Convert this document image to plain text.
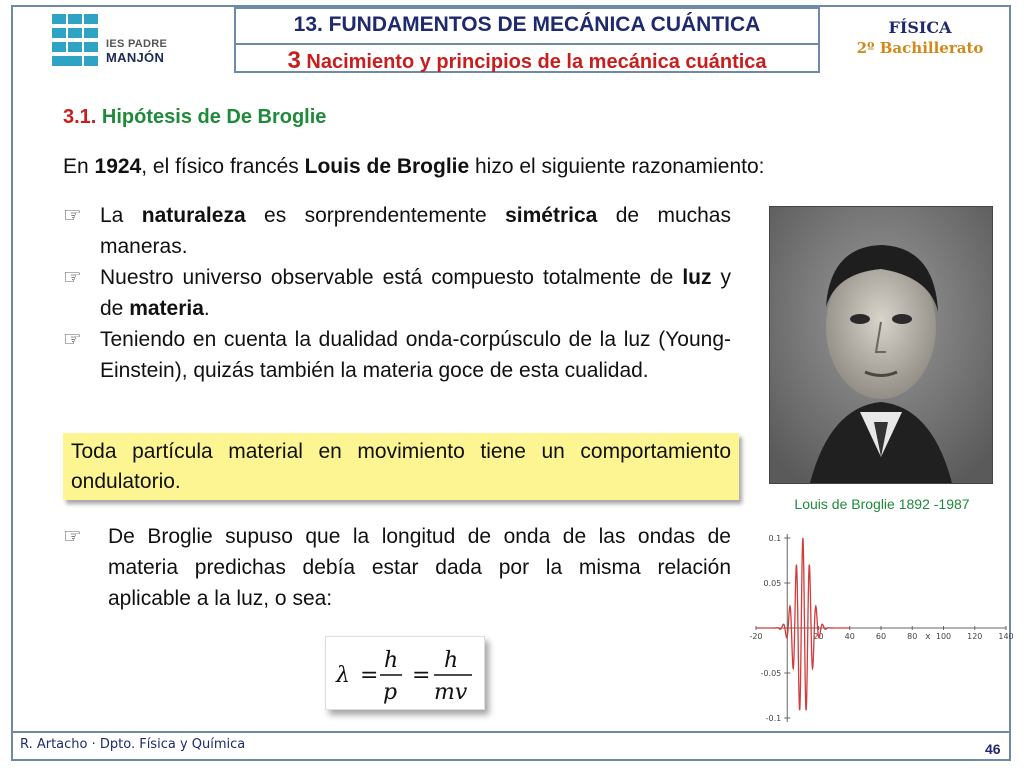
IES PADRE
MANJÓN
13. FUNDAMENTOS DE MECÁNICA CUÁNTICA
3 Nacimiento y principios de la mecánica cuántica
FÍSICA
2º Bachillerato
3.1. Hipótesis de De Broglie
En 1924, el físico francés Louis de Broglie hizo el siguiente razonamiento:
☞ La naturaleza es sorprendentemente simétrica de muchas maneras.
☞ Nuestro universo observable está compuesto totalmente de luz y de materia.
☞ Teniendo en cuenta la dualidad onda-corpúsculo de la luz (Young-Einstein), quizás también la materia goce de esta cualidad.
Toda partícula material en movimiento tiene un comportamiento ondulatorio.
☞	De Broglie supuso que la longitud de onda de las ondas de materia predichas debía estar dada por la misma relación aplicable a la luz, o sea:
Louis de Broglie 1892 -1987
0.1
0.05
-0.05
-0.1
-20	20	40	60	80 100 120 140
x
λ =
h
p
=
h
mv
R. Artacho · Dpto. Física y Química	46
